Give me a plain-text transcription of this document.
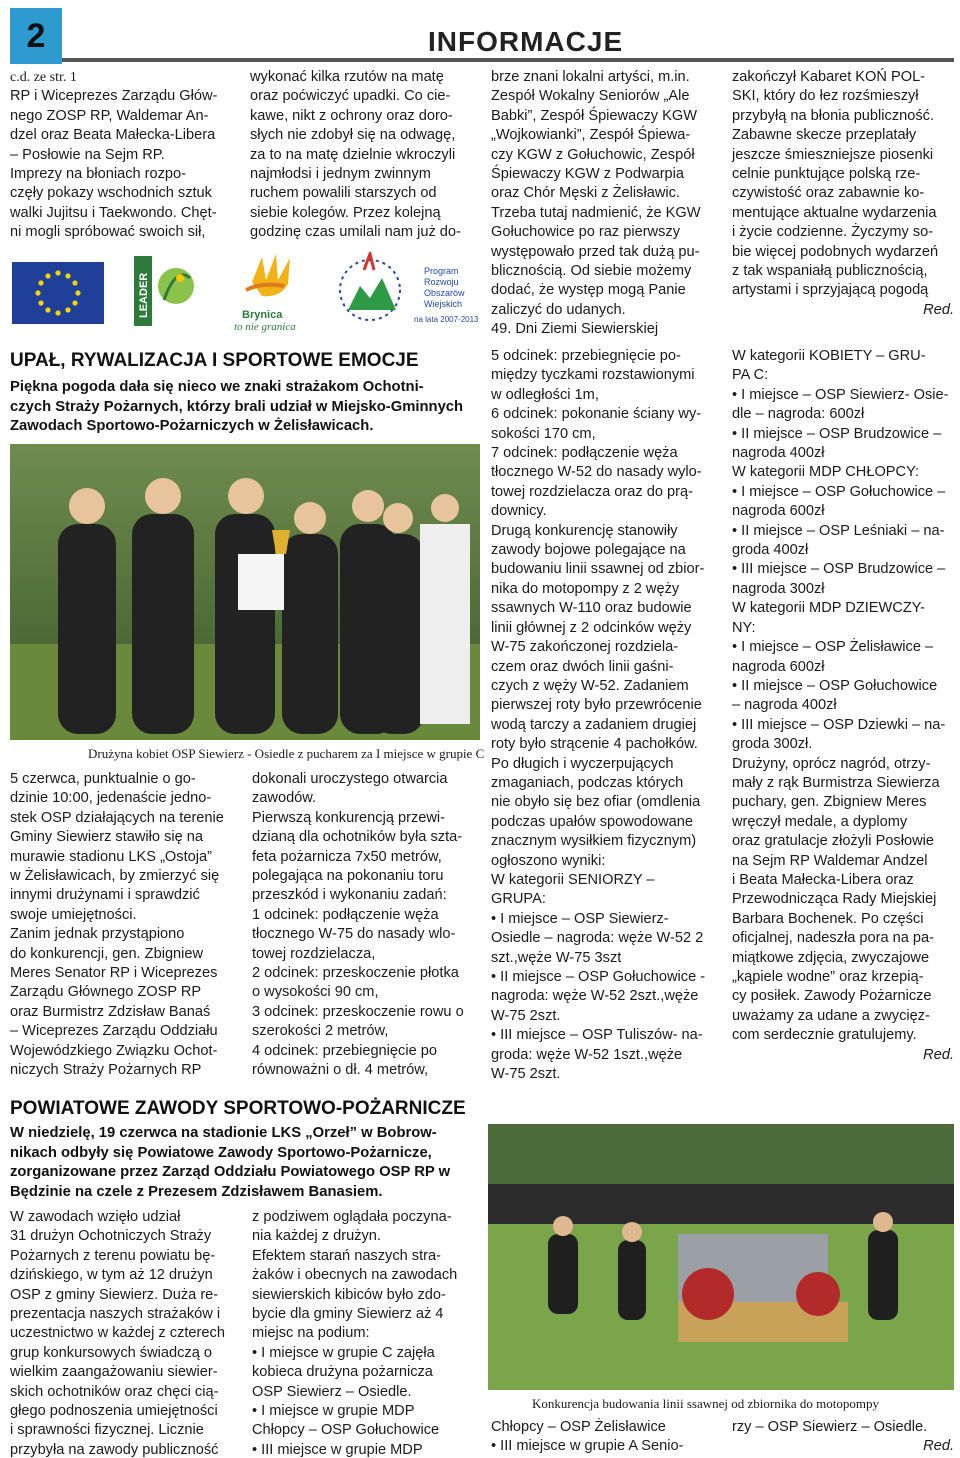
2	INFORMACJE

c.d. ze str. 1

RP i Wiceprezes Zarządu Głów-
nego ZOSP RP, Waldemar An-
dzel oraz Beata Małecka-Libera
– Posłowie na Sejm RP.
Imprezy na błoniach rozpo-
częły pokazy wschodnich sztuk
walki Jujitsu i Taekwondo. Chęt-
ni mogli spróbować swoich sił,
wykonać kilka rzutów na matę
oraz poćwiczyć upadki. Co cie-
kawe, nikt z ochrony oraz doro-
słych nie zdobył się na odwagę,
za to na matę dzielnie wkroczyli
najmłodsi i jednym zwinnym
ruchem powalili starszych od
siebie kolegów. Przez kolejną
godzinę czas umilali nam już do-
brze znani lokalni artyści, m.in.
Zespół Wokalny Seniorów „Ale
Babki”, Zespół Śpiewaczy KGW
„Wojkowianki”, Zespół Śpiewa-
czy KGW z Gołuchowic, Zespół
Śpiewaczy KGW z Podwarpia
oraz Chór Męski z Żelisławic.
Trzeba tutaj nadmienić, że KGW
Gołuchowice po raz pierwszy
występowało przed tak dużą pu-
blicznością. Od siebie możemy
dodać, że występ mogą Panie
zaliczyć do udanych.
49. Dni Ziemi Siewierskiej
zakończył Kabaret KOŃ POL-
SKI, który do łez rozśmieszył
przybyłą na błonia publiczność.
Zabawne skecze przeplatały
jeszcze śmieszniejsze piosenki
celnie punktujące polską rze-
czywistość oraz zabawnie ko-
mentujące aktualne wydarzenia
i życie codzienne. Życzymy so-
bie więcej podobnych wydarzeń
z tak wspaniałą publicznością,
artystami i sprzyjającą pogodą

Red.

LEADER	Brynica
to nie granica
Program
Rozwoju
Obszarów
Wiejskich
na lata 2007-2013
UPAŁ, RYWALIZACJA I SPORTOWE EMOCJE
Piękna pogoda dała się nieco we znaki strażakom Ochotni-
czych Straży Pożarnych, którzy brali udział w Miejsko-Gminnych
Zawodach Sportowo-Pożarniczych w Żelisławicach.
Drużyna kobiet OSP Siewierz - Osiedle z pucharem za I miejsce w grupie C
5 czerwca, punktualnie o go-
dzinie 10:00, jedenaście jedno-
stek OSP działających na terenie
Gminy Siewierz stawiło się na
murawie stadionu LKS „Ostoja”
w Żelisławicach, by zmierzyć się
innymi drużynami i sprawdzić
swoje umiejętności.
Zanim jednak przystąpiono
do konkurencji, gen. Zbigniew
Meres Senator RP i Wiceprezes
Zarządu Głównego ZOSP RP
oraz Burmistrz Zdzisław Banaś
– Wiceprezes Zarządu Oddziału
Wojewódzkiego Związku Ochot-
niczych Straży Pożarnych RP
dokonali uroczystego otwarcia
zawodów.
Pierwszą konkurencją przewi-
dzianą dla ochotników była szta-
feta pożarnicza 7x50 metrów,
polegająca na pokonaniu toru
przeszkód i wykonaniu zadań:
1 odcinek: podłączenie węża
tłocznego W-75 do nasady wlo-
towej rozdzielacza,
2 odcinek: przeskoczenie płotka
o wysokości 90 cm,
3 odcinek: przeskoczenie rowu o
szerokości 2 metrów,
4 odcinek: przebiegnięcie po
równoważni o dł. 4 metrów,
5 odcinek: przebiegnięcie po-
między tyczkami rozstawionymi
w odległości 1m,
6 odcinek: pokonanie ściany wy-
sokości 170 cm,
7 odcinek: podłączenie węża
tłocznego W-52 do nasady wylo-
towej rozdzielacza oraz do prą-
downicy.
Drugą konkurencję stanowiły
zawody bojowe polegające na
budowaniu linii ssawnej od zbior-
nika do motopompy z 2 węży
ssawnych W-110 oraz budowie
linii głównej z 2 odcinków węży
W-75 zakończonej rozdziela-
czem oraz dwóch linii gaśni-
czych z węży W-52. Zadaniem
pierwszej roty było przewrócenie
wodą tarczy a zadaniem drugiej
roty było strącenie 4 pachołków.
Po długich i wyczerpujących
zmaganiach, podczas których
nie obyło się bez ofiar (omdlenia
podczas upałów spowodowane
znacznym wysiłkiem fizycznym)
ogłoszono wyniki:
W kategorii SENIORZY –
GRUPA:
• I miejsce – OSP Siewierz-
Osiedle – nagroda: węże W-52 2
szt.,węże W-75 3szt
• II miejsce – OSP Gołuchowice -
nagroda: węże W-52 2szt.,węże
W-75 2szt.
• III miejsce – OSP Tuliszów- na-
groda: węże W-52 1szt.,węże
W-75 2szt.
W kategorii KOBIETY – GRU-
PA C:
• I miejsce – OSP Siewierz- Osie-
dle – nagroda: 600zł
• II miejsce – OSP Brudzowice –
nagroda 400zł
W kategorii MDP CHŁOPCY:
• I miejsce – OSP Gołuchowice –
nagroda 600zł
• II miejsce – OSP Leśniaki – na-
groda 400zł
• III miejsce – OSP Brudzowice –
nagroda 300zł
W kategorii MDP DZIEWCZY-
NY:
• I miejsce – OSP Żelisławice –
nagroda 600zł
• II miejsce – OSP Gołuchowice
– nagroda 400zł
• III miejsce – OSP Dziewki – na-
groda 300zł.
Drużyny, oprócz nagród, otrzy-
mały z rąk Burmistrza Siewierza
puchary, gen. Zbigniew Meres
wręczył medale, a dyplomy
oraz gratulacje złożyli Posłowie
na Sejm RP Waldemar Andzel
i Beata Małecka-Libera oraz
Przewodnicząca Rady Miejskiej
Barbara Bochenek. Po części
oficjalnej, nadeszła pora na pa-
miątkowe zdjęcia, zwyczajowe
„kąpiele wodne” oraz krzepią-
cy posiłek. Zawody Pożarnicze
uważamy za udane a zwycięz-
com serdecznie gratulujemy.

Red.

POWIATOWE ZAWODY SPORTOWO-POŻARNICZE
W niedzielę, 19 czerwca na stadionie LKS „Orzeł” w Bobrow-
nikach odbyły się Powiatowe Zawody Sportowo-Pożarnicze,
zorganizowane przez Zarząd Oddziału Powiatowego OSP RP w
Będzinie na czele z Prezesem Zdzisławem Banasiem.
W zawodach wzięło udział
31 drużyn Ochotniczych Straży
Pożarnych z terenu powiatu bę-
dzińskiego, w tym aż 12 drużyn
OSP z gminy Siewierz. Duża re-
prezentacja naszych strażaków i
uczestnictwo w każdej z czterech
grup konkursowych świadczą o
wielkim zaangażowaniu siewier-
skich ochotników oraz chęci cią-
głego podnoszenia umiejętności
i sprawności fizycznej. Licznie
przybyła na zawody publiczność
z podziwem oglądała poczyna-
nia każdej z drużyn.
Efektem starań naszych stra-
żaków i obecnych na zawodach
siewierskich kibiców było zdo-
bycie dla gminy Siewierz aż 4
miejsc na podium:
• I miejsce w grupie C zajęła
kobieca drużyna pożarnicza
OSP Siewierz – Osiedle.
• I miejsce w grupie MDP
Chłopcy – OSP Gołuchowice
• III miejsce w grupie MDP
Konkurencja budowania linii ssawnej od zbiornika do motopompy
Chłopcy – OSP Żelisławice
• III miejsce w grupie A Senio-
rzy – OSP Siewierz – Osiedle.

Red.
